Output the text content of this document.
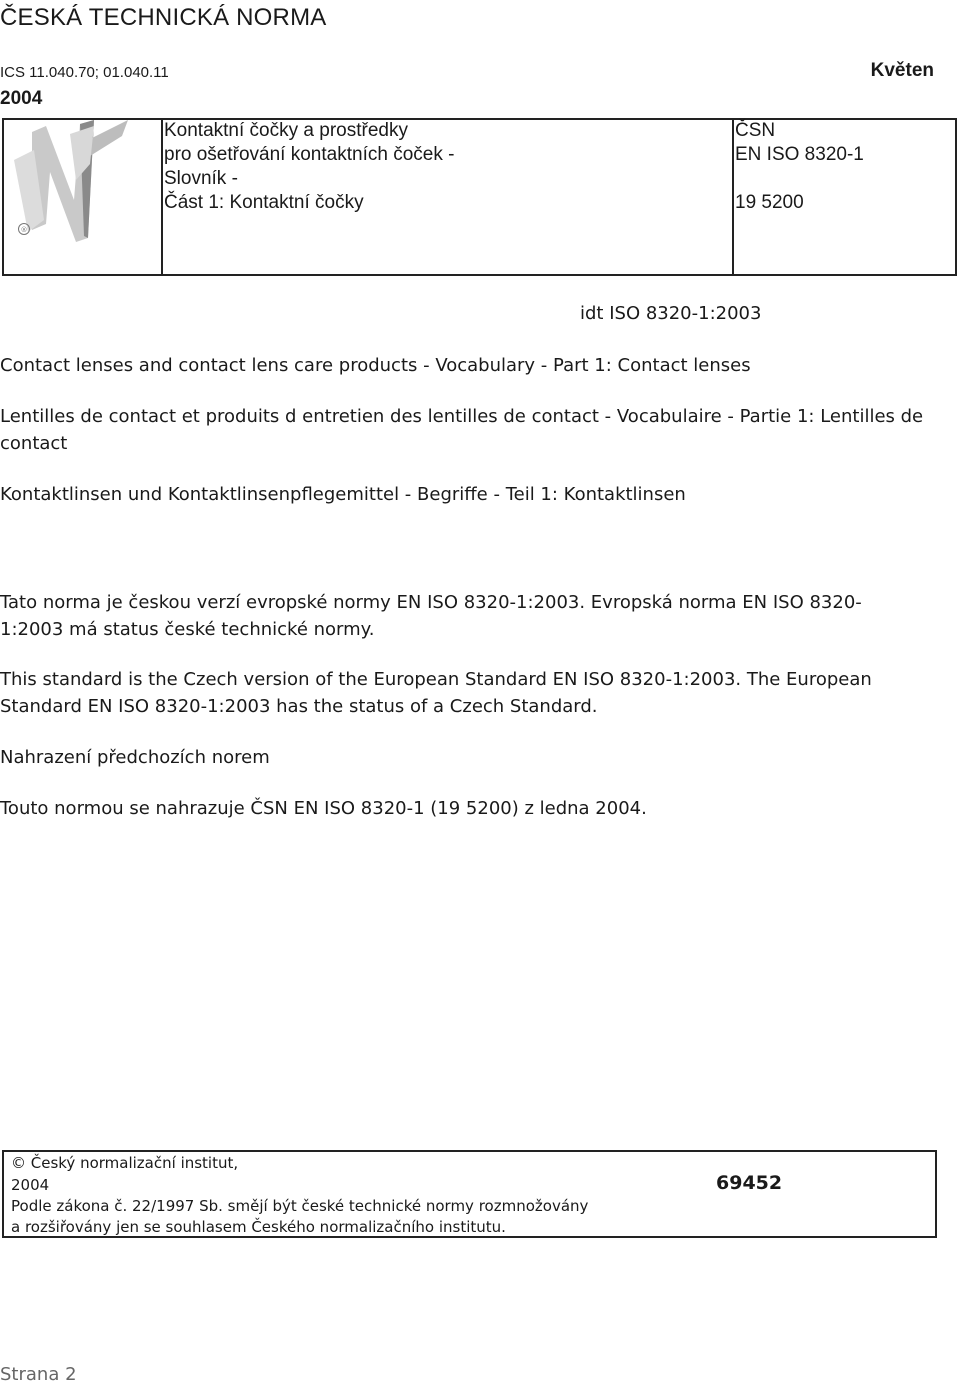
ČESKÁ TECHNICKÁ NORMA
ICS 11.040.70; 01.040.11	Květen
2004
®
Kontaktní čočky a prostředky
pro ošetřování kontaktních čoček -
Slovník -
Část 1: Kontaktní čočky
ČSN
EN ISO 8320-1
19 5200
idt ISO 8320-1:2003
Contact lenses and contact lens care products - Vocabulary - Part 1: Contact lenses
Lentilles de contact et produits d entretien des lentilles de contact - Vocabulaire - Partie 1: Lentilles de
contact
Kontaktlinsen und Kontaktlinsenpflegemittel - Begriffe - Teil 1: Kontaktlinsen
Tato norma je českou verzí evropské normy EN ISO 8320-1:2003. Evropská norma EN ISO 8320-
1:2003 má status české technické normy.
This standard is the Czech version of the European Standard EN ISO 8320-1:2003. The European
Standard EN ISO 8320-1:2003 has the status of a Czech Standard.
Nahrazení předchozích norem
Touto normou se nahrazuje ČSN EN ISO 8320-1 (19 5200) z ledna 2004.
© Český normalizační institut,
2004
Podle zákona č. 22/1997 Sb. smějí být české technické normy rozmnožovány
a rozšiřovány jen se souhlasem Českého normalizačního institutu.
69452
Strana 2
